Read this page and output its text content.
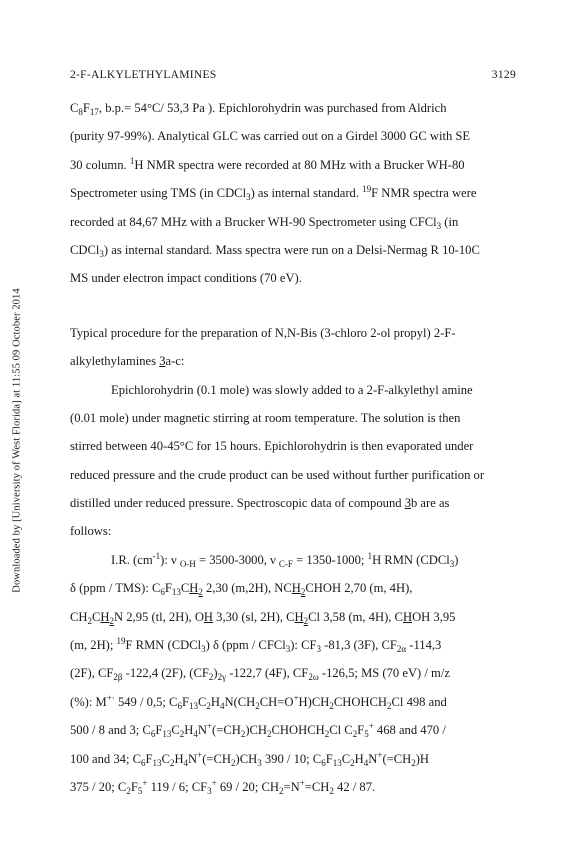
Downloaded by [University of West Florida] at 11:55 09 October 2014
2-F-ALKYLETHYLAMINES	3129
$C_8F_{17}$, b.p.= 54°C/ 53,3 Pa ). Epichlorohydrin was purchased from Aldrich
(purity 97-99%). Analytical GLC was carried out on a Girdel 3000 GC with SE
30 column. $^1$H NMR spectra were recorded at 80 MHz with a Brucker WH-80
Spectrometer using TMS (in CDCl$_3$) as internal standard. $^{19}$F NMR spectra were
recorded at 84,67 MHz with a Brucker WH-90 Spectrometer using CFCl$_3$ (in
CDCl$_3$) as internal standard. Mass spectra were run on a Delsi-Nermag R 10-10C
MS under electron impact conditions (70 eV).
Typical procedure for the preparation of N,N-Bis (3-chloro 2-ol propyl) 2-F-
alkylethylamines 3a-c:
Epichlorohydrin (0.1 mole) was slowly added to a 2-F-alkylethyl amine
(0.01 mole) under magnetic stirring at room temperature. The solution is then
stirred between 40-45°C for 15 hours. Epichlorohydrin is then evaporated under
reduced pressure and the crude product can be used without further purification or
distilled under reduced pressure. Spectroscopic data of compound 3b are as
follows:
I.R. $(cm^{-1})$: ν $_{O-H}$ = 3500-3000, ν $_{C-F}$ = 1350-1000; $^1$H RMN (CDCl$_3$)
δ (ppm / TMS): $C_6F_{13}CH_2$ 2,30 (m,2H), $NCH_2CHOH$ 2,70 (m, 4H),
$CH_2CH_2N$ 2,95 (tl, 2H), OH 3,30 (sl, 2H), $CH_2Cl$ 3,58 (m, 4H), CHOH 3,95
(m, 2H); $^{19}$F RMN (CDCl$_3$) δ (ppm / CFCl$_3$): $CF_3$ -81,3 (3F), $CF_{2\alpha}$ -114,3
(2F), $CF_{2\beta}$ -122,4 (2F), $(CF_2)_{2\gamma}$ -122,7 (4F), $CF_{2\omega}$ -126,5; MS (70 eV) / m/z
(%): M+· 549 / 0,5; $C_6F_{13}C_2H_4N(CH_2CH=O^+H)CH_2CHOHCH_2Cl$ 498 and
500 / 8 and 3; $C_6F_{13}C_2H_4N^+(=CH_2)CH_2CHOHCH_2Cl$ $C_2F_5^+$ 468 and 470 /
100 and 34; $C_6F_{13}C_2H_4N^+(=CH_2)CH_3$ 390 / 10; $C_6F_{13}C_2H_4N^+(=CH_2)H$
375 / 20; $C_2F_5^+$ 119 / 6; $CF_3^+$ 69 / 20; $CH_2=N^+=CH_2$ 42 / 87.
